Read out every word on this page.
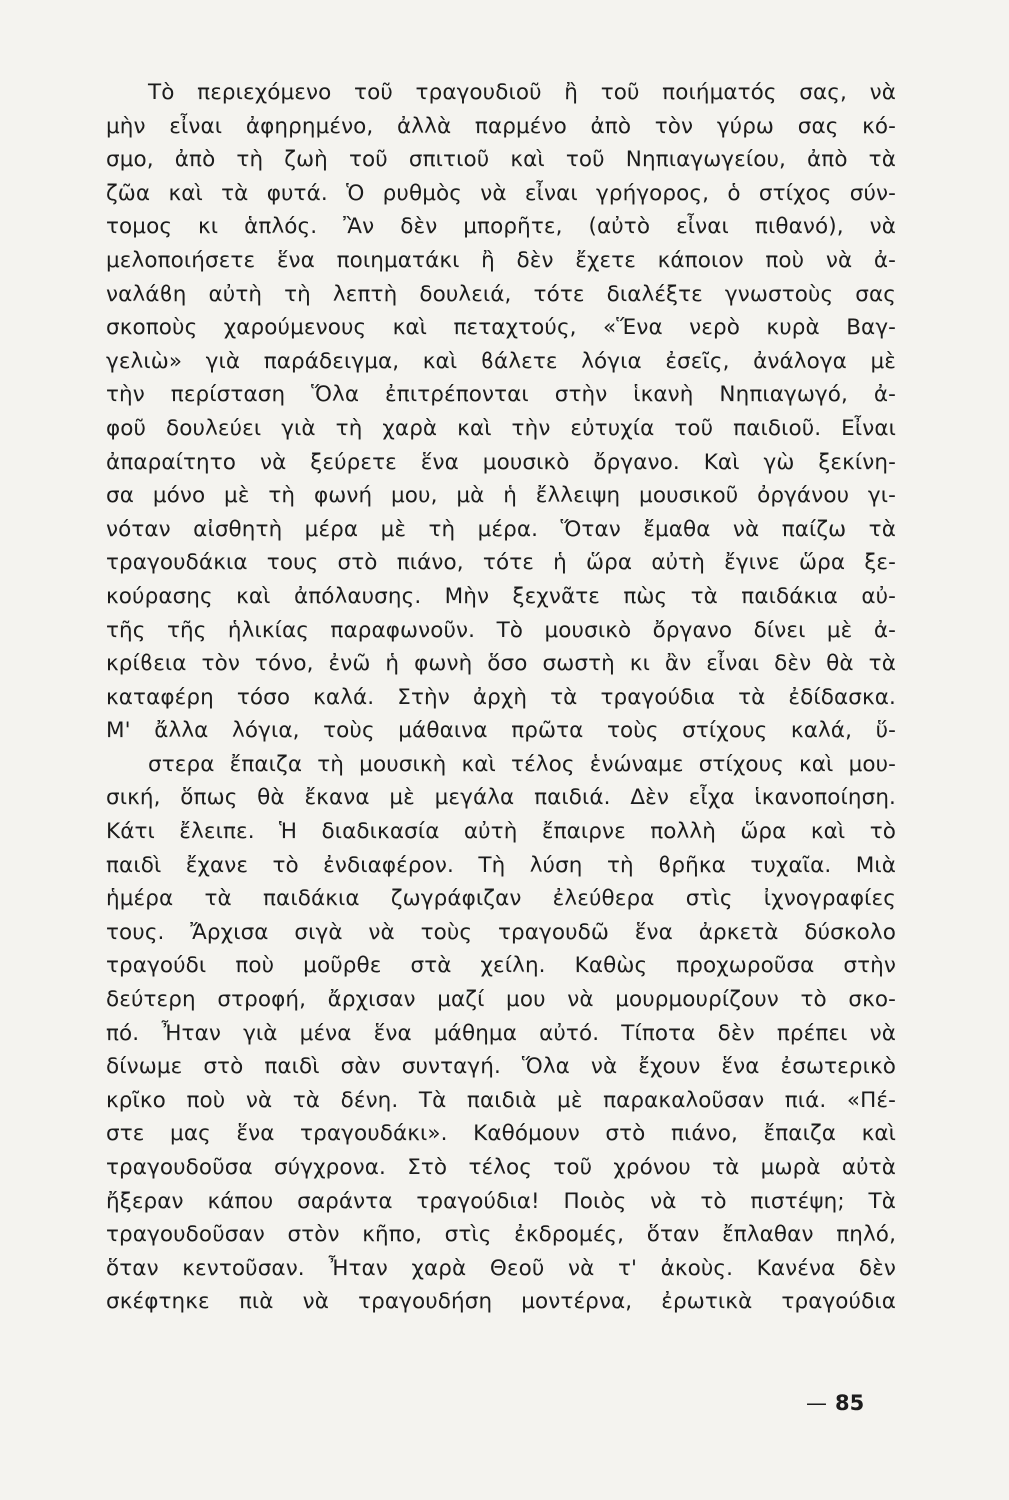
Τὸ περιεχόμενο τοῦ τραγουδιοῦ ἢ τοῦ ποιήματός σας, νὰ
μὴν εἶναι ἀφηρημένο, ἀλλὰ παρμένο ἀπὸ τὸν γύρω σας κό-
σμο, ἀπὸ τὴ ζωὴ τοῦ σπιτιοῦ καὶ τοῦ Νηπιαγωγείου, ἀπὸ τὰ
ζῶα καὶ τὰ φυτά. Ὁ ρυθμὸς νὰ εἶναι γρήγορος, ὁ στίχος σύν-
τομος κι ἁπλός. Ἂν δὲν μπορῆτε, (αὐτὸ εἶναι πιθανό), νὰ
μελοποιήσετε ἕνα ποιηματάκι ἢ δὲν ἔχετε κάποιον ποὺ νὰ ἀ-
ναλάϐη αὐτὴ τὴ λεπτὴ δουλειά, τότε διαλέξτε γνωστοὺς σας
σκοποὺς χαρούμενους καὶ πεταχτούς, «Ἕνα νερὸ κυρὰ Βαγ-
γελιὼ» γιὰ παράδειγμα, καὶ ϐάλετε λόγια ἐσεῖς, ἀνάλογα μὲ
τὴν περίσταση Ὅλα ἐπιτρέπονται στὴν ἱκανὴ Νηπιαγωγό, ἀ-
φοῦ δουλεύει γιὰ τὴ χαρὰ καὶ τὴν εὐτυχία τοῦ παιδιοῦ. Εἶναι
ἀπαραίτητο νὰ ξεύρετε ἕνα μουσικὸ ὄργανο. Καὶ γὼ ξεκίνη-
σα μόνο μὲ τὴ φωνή μου, μὰ ἡ ἔλλειψη μουσικοῦ ὀργάνου γι-
νόταν αἰσθητὴ μέρα μὲ τὴ μέρα. Ὅταν ἔμαθα νὰ παίζω τὰ
τραγουδάκια τους στὸ πιάνο, τότε ἡ ὥρα αὐτὴ ἔγινε ὥρα ξε-
κούρασης καὶ ἀπόλαυσης. Μὴν ξεχνᾶτε πὼς τὰ παιδάκια αὐ-
τῆς τῆς ἡλικίας παραφωνοῦν. Τὸ μουσικὸ ὄργανο δίνει μὲ ἀ-
κρίϐεια τὸν τόνο, ἐνῶ ἡ φωνὴ ὅσο σωστὴ κι ἂν εἶναι δὲν θὰ τὰ
καταφέρη τόσο καλά. Στὴν ἀρχὴ τὰ τραγούδια τὰ ἐδίδασκα.
Μ' ἄλλα λόγια, τοὺς μάθαινα πρῶτα τοὺς στίχους καλά, ὕ-
στερα ἔπαιζα τὴ μουσικὴ καὶ τέλος ἑνώναμε στίχους καὶ μου-
σική, ὅπως θὰ ἔκανα μὲ μεγάλα παιδιά. Δὲν εἶχα ἱκανοποίηση.
Κάτι ἔλειπε. Ἡ διαδικασία αὐτὴ ἔπαιρνε πολλὴ ὥρα καὶ τὸ
παιδὶ ἔχανε τὸ ἐνδιαφέρον. Τὴ λύση τὴ ϐρῆκα τυχαῖα. Μιὰ
ἡμέρα τὰ παιδάκια ζωγράφιζαν ἐλεύθερα στὶς ἰχνογραφίες
τους. Ἄρχισα σιγὰ νὰ τοὺς τραγουδῶ ἕνα ἀρκετὰ δύσκολο
τραγούδι ποὺ μοῦρθε στὰ χείλη. Καθὼς προχωροῦσα στὴν
δεύτερη στροφή, ἄρχισαν μαζί μου νὰ μουρμουρίζουν τὸ σκο-
πό. Ἦταν γιὰ μένα ἕνα μάθημα αὐτό. Τίποτα δὲν πρέπει νὰ
δίνωμε στὸ παιδὶ σὰν συνταγή. Ὅλα νὰ ἔχουν ἕνα ἐσωτερικὸ
κρῖκο ποὺ νὰ τὰ δένη. Τὰ παιδιὰ μὲ παρακαλοῦσαν πιά. «Πέ-
στε μας ἕνα τραγουδάκι». Καθόμουν στὸ πιάνο, ἔπαιζα καὶ
τραγουδοῦσα σύγχρονα. Στὸ τέλος τοῦ χρόνου τὰ μωρὰ αὐτὰ
ἤξεραν κάπου σαράντα τραγούδια! Ποιὸς νὰ τὸ πιστέψη; Τὰ
τραγουδοῦσαν στὸν κῆπο, στὶς ἐκδρομές, ὅταν ἔπλαθαν πηλό,
ὅταν κεντοῦσαν. Ἦταν χαρὰ Θεοῦ νὰ τ' ἀκοὺς. Κανένα δὲν
σκέφτηκε πιὰ νὰ τραγουδήση μοντέρνα, ἐρωτικὰ τραγούδια
— 85
